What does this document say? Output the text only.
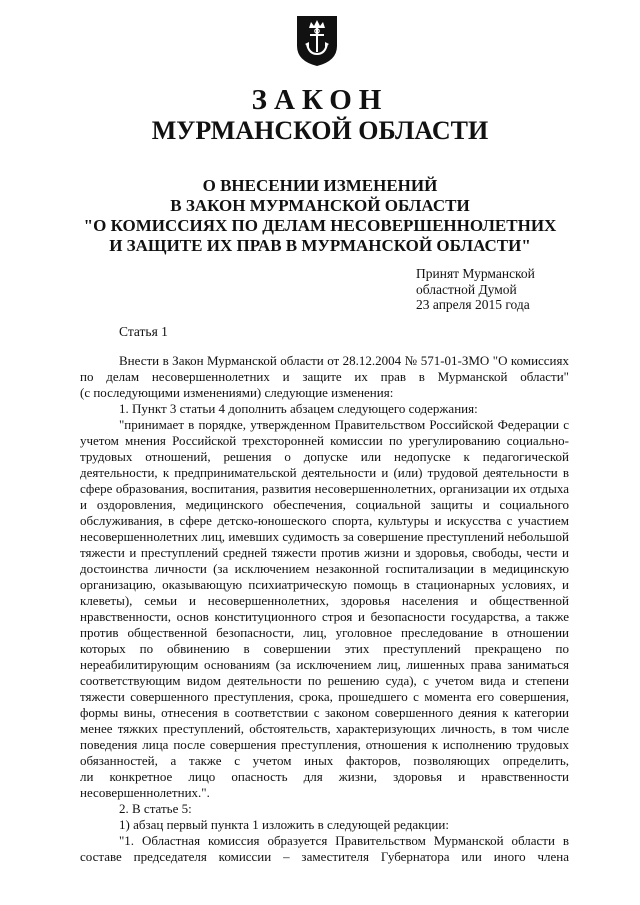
ЗАКОН
МУРМАНСКОЙ ОБЛАСТИ
О ВНЕСЕНИИ ИЗМЕНЕНИЙ
В ЗАКОН МУРМАНСКОЙ ОБЛАСТИ
"О КОМИССИЯХ ПО ДЕЛАМ НЕСОВЕРШЕННОЛЕТНИХ
И ЗАЩИТЕ ИХ ПРАВ В МУРМАНСКОЙ ОБЛАСТИ"
Принят Мурманской
областной Думой
23 апреля 2015 года
Статья 1
Внести в Закон Мурманской области от 28.12.2004 № 571-01-ЗМО "О комиссиях
по делам несовершеннолетних и защите их прав в Мурманской области"
(с последующими изменениями) следующие изменения:
1. Пункт 3 статьи 4 дополнить абзацем следующего содержания:
"принимает в порядке, утвержденном Правительством Российской Федерации с
учетом мнения Российской трехсторонней комиссии по урегулированию социально-
трудовых отношений, решения о допуске или недопуске к педагогической
деятельности, к предпринимательской деятельности и (или) трудовой деятельности в
сфере образования, воспитания, развития несовершеннолетних, организации их отдыха
и оздоровления, медицинского обеспечения, социальной защиты и социального
обслуживания, в сфере детско-юношеского спорта, культуры и искусства с участием
несовершеннолетних лиц, имевших судимость за совершение преступлений небольшой
тяжести и преступлений средней тяжести против жизни и здоровья, свободы, чести и
достоинства личности (за исключением незаконной госпитализации в медицинскую
организацию, оказывающую психиатрическую помощь в стационарных условиях, и
клеветы), семьи и несовершеннолетних, здоровья населения и общественной
нравственности, основ конституционного строя и безопасности государства, а также
против общественной безопасности, лиц, уголовное преследование в отношении
которых по обвинению в совершении этих преступлений прекращено по
нереабилитирующим основаниям (за исключением лиц, лишенных права заниматься
соответствующим видом деятельности по решению суда), с учетом вида и степени
тяжести совершенного преступления, срока, прошедшего с момента его совершения,
формы вины, отнесения в соответствии с законом совершенного деяния к категории
менее тяжких преступлений, обстоятельств, характеризующих личность, в том числе
поведения лица после совершения преступления, отношения к исполнению трудовых
обязанностей, а также с учетом иных факторов, позволяющих определить,
ли конкретное лицо опасность для жизни, здоровья и нравственности
несовершеннолетних.".
2. В статье 5:
1) абзац первый пункта 1 изложить в следующей редакции:
"1. Областная комиссия образуется Правительством Мурманской области в
составе председателя комиссии – заместителя Губернатора или иного члена
